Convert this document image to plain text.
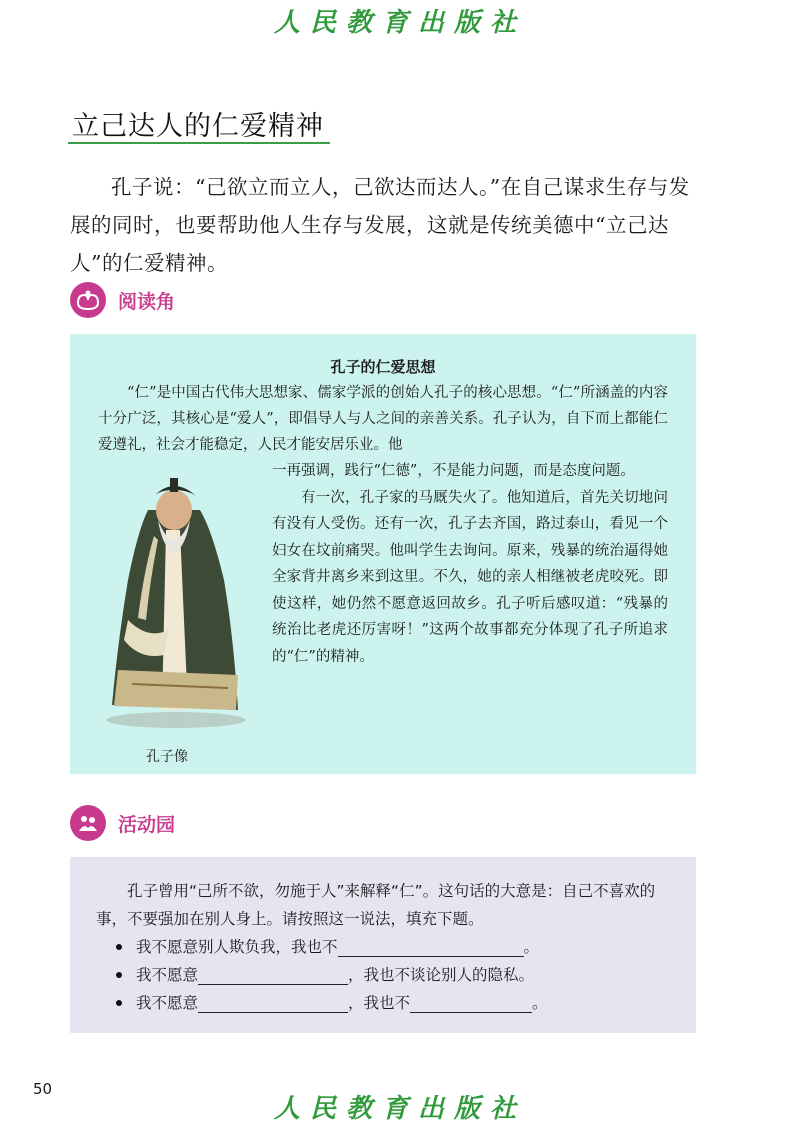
人民教育出版社
立己达人的仁爱精神
孔子说：“己欲立而立人，己欲达而达人。”在自己谋求生存与发展的同时，也要帮助他人生存与发展，这就是传统美德中“立己达人”的仁爱精神。
阅读角
孔子的仁爱思想
“仁”是中国古代伟大思想家、儒家学派的创始人孔子的核心思想。“仁”所涵盖的内容十分广泛，其核心是“爱人”，即倡导人与人之间的亲善关系。孔子认为，自下而上都能仁爱遵礼，社会才能稳定，人民才能安居乐业。他
孔子像

一再强调，践行“仁德”，不是能力问题，而是态度问题。

有一次，孔子家的马厩失火了。他知道后，首先关切地问有没有人受伤。还有一次，孔子去齐国，路过泰山，看见一个妇女在坟前痛哭。他叫学生去询问。原来，残暴的统治逼得她全家背井离乡来到这里。不久，她的亲人相继被老虎咬死。即使这样，她仍然不愿意返回故乡。孔子听后感叹道：“残暴的统治比老虎还厉害呀！”这两个故事都充分体现了孔子所追求的“仁”的精神。

活动园
孔子曾用“己所不欲，勿施于人”来解释“仁”。这句话的大意是：自己不喜欢的事，不要强加在别人身上。请按照这一说法，填充下题。
我不愿意别人欺负我，我也不	。
我不愿意	，我也不谈论别人的隐私。
我不愿意	，我也不	。
50
人民教育出版社
